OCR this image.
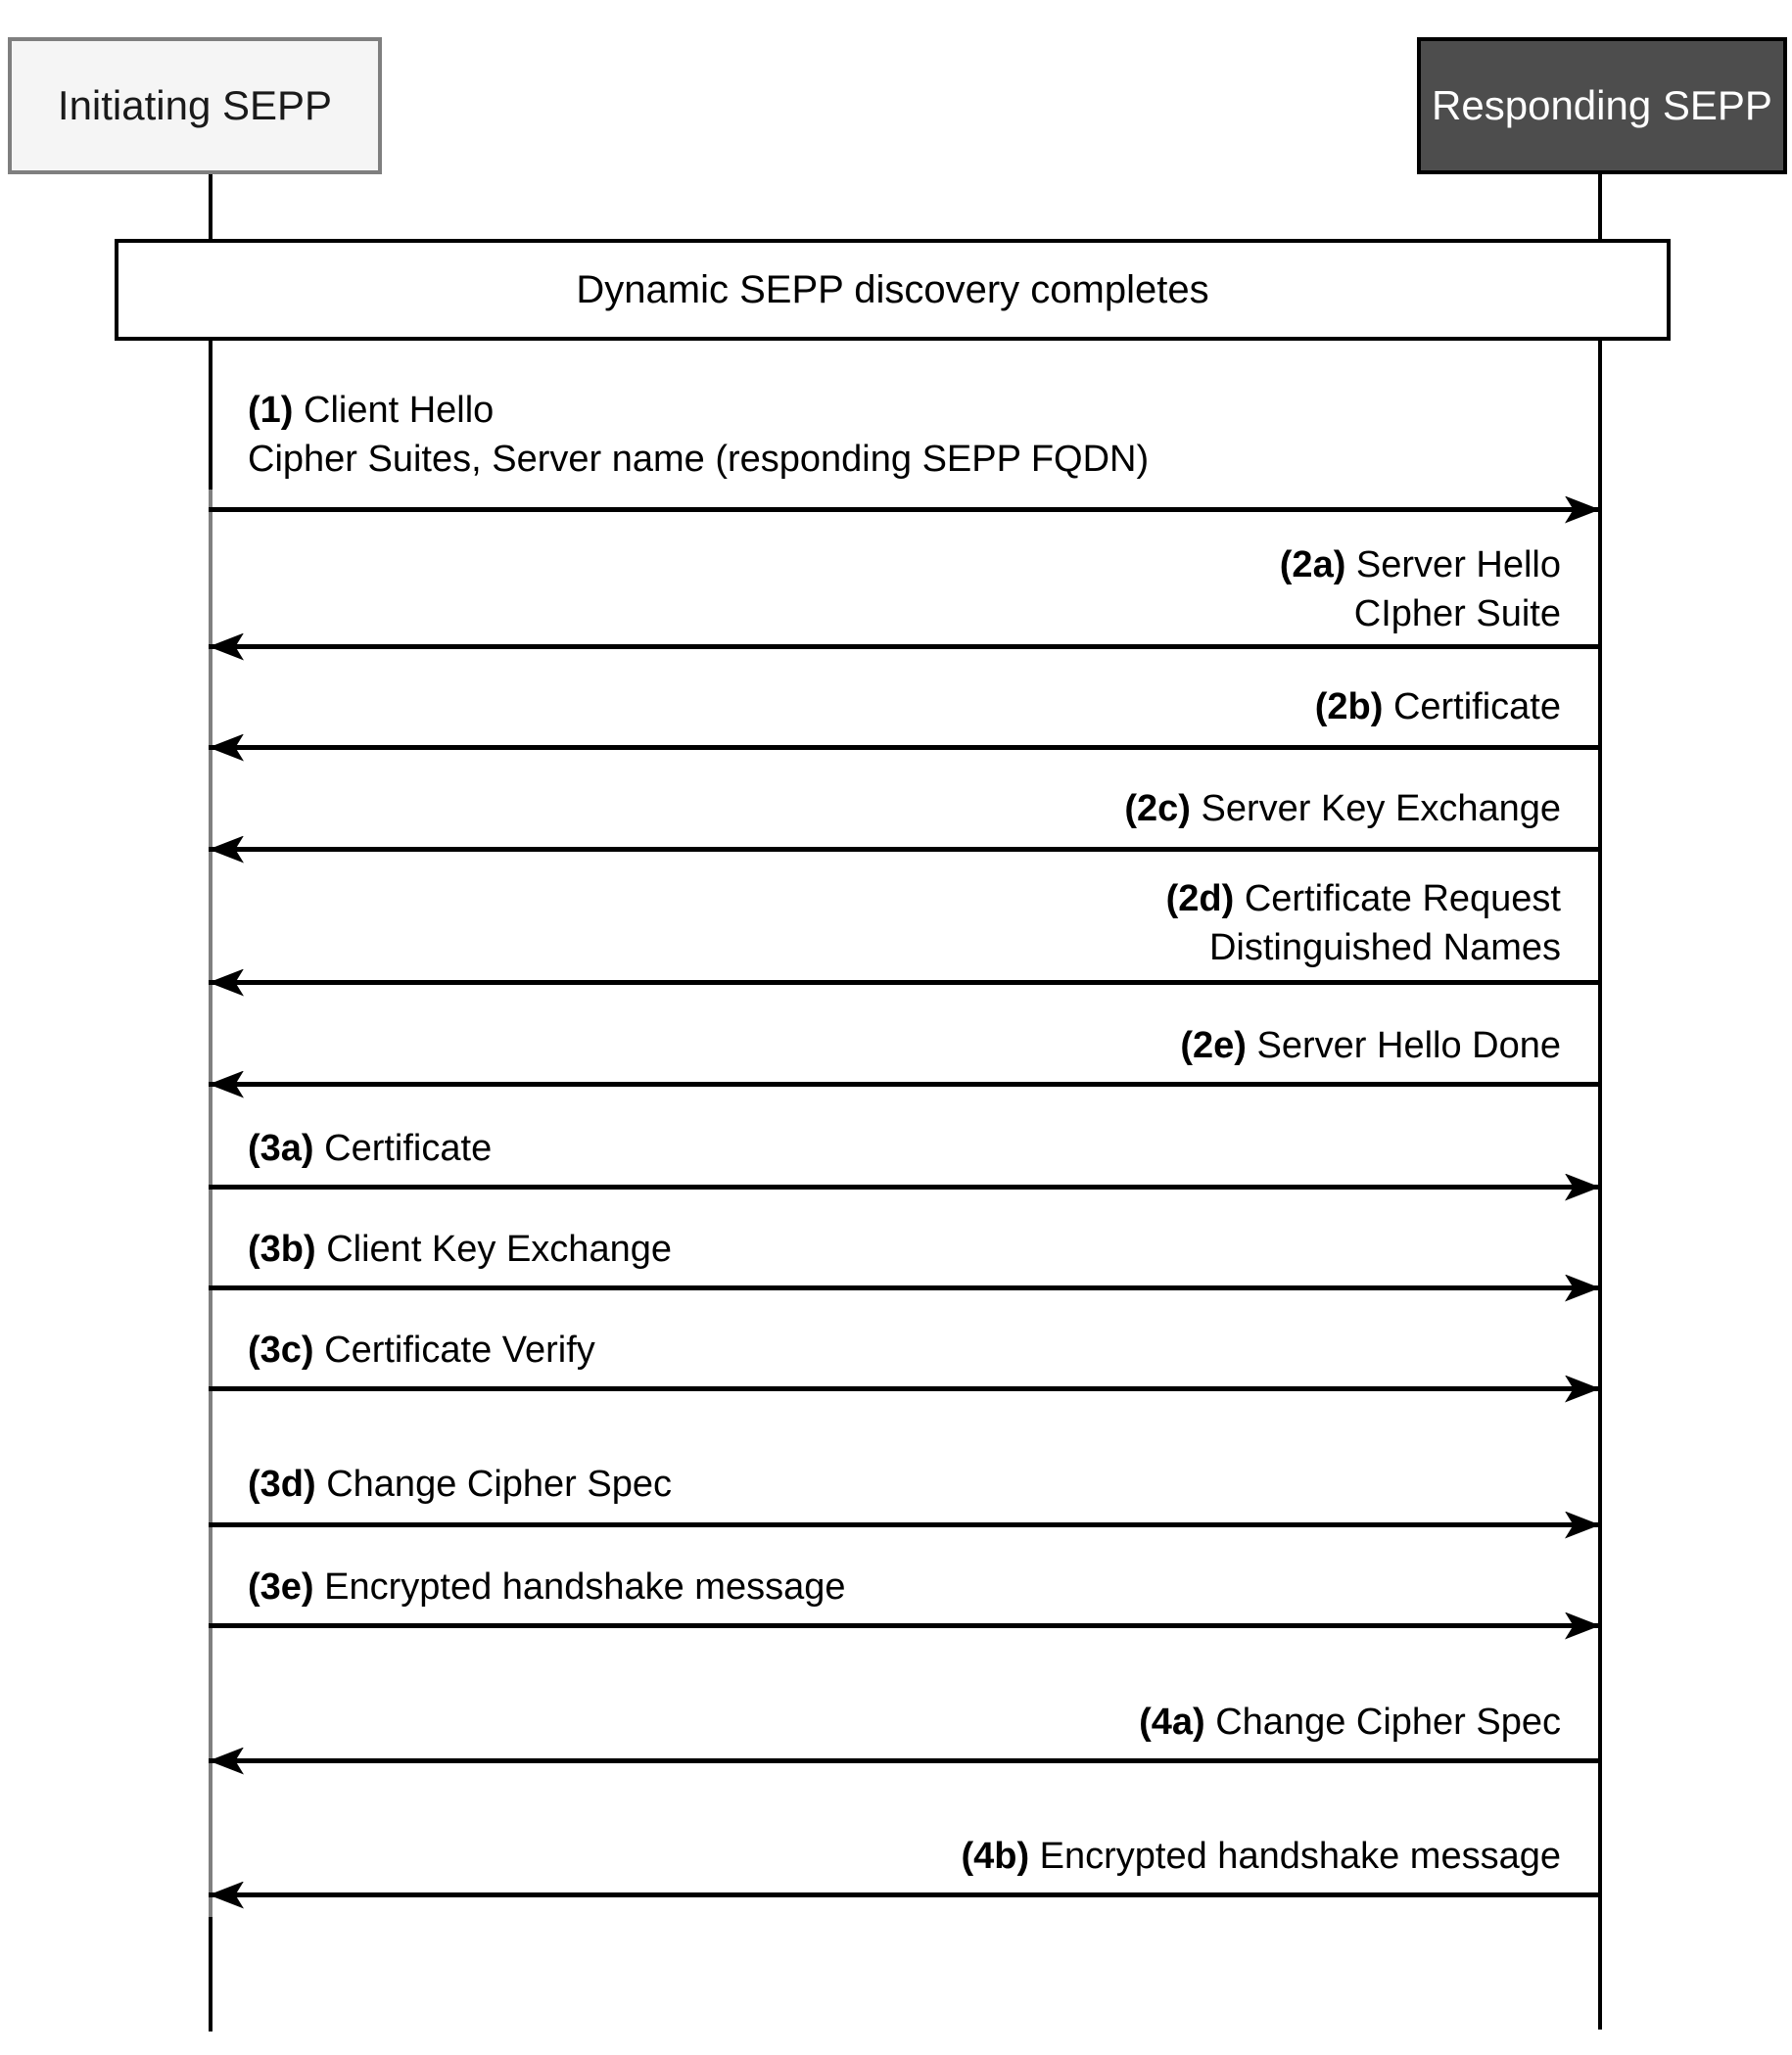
Initiating SEPP	Responding SEPP
Dynamic SEPP discovery completes
(1) Client Hello
Cipher Suites, Server name (responding SEPP FQDN)
(2a) Server Hello
CIpher Suite
(2b) Certificate
(2c) Server Key Exchange
(2d) Certificate Request
Distinguished Names
(2e) Server Hello Done
(3a) Certificate
(3b) Client Key Exchange
(3c) Certificate Verify
(3d) Change Cipher Spec
(3e) Encrypted handshake message
(4a) Change Cipher Spec
(4b) Encrypted handshake message
